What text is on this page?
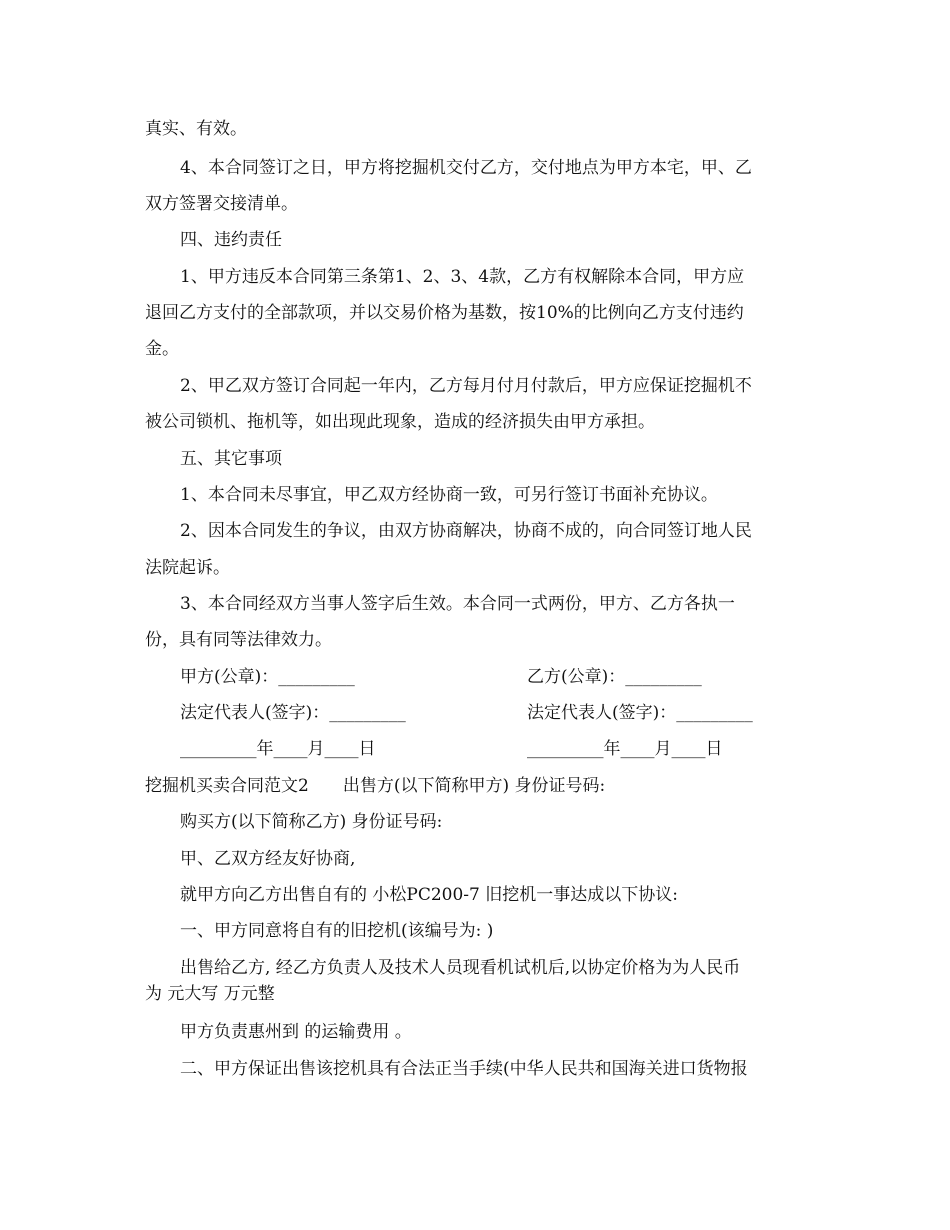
真实、有效。

4、本合同签订之日，甲方将挖掘机交付乙方，交付地点为甲方本宅，甲、乙

双方签署交接清单。

四、违约责任

1、甲方违反本合同第三条第1、2、3、4款，乙方有权解除本合同，甲方应

退回乙方支付的全部款项，并以交易价格为基数，按10%的比例向乙方支付违约

金。

2、甲乙双方签订合同起一年内，乙方每月付月付款后，甲方应保证挖掘机不

被公司锁机、拖机等，如出现此现象，造成的经济损失由甲方承担。

五、其它事项

1、本合同未尽事宜，甲乙双方经协商一致，可另行签订书面补充协议。

2、因本合同发生的争议，由双方协商解决，协商不成的，向合同签订地人民

法院起诉。

3、本合同经双方当事人签字后生效。本合同一式两份，甲方、乙方各执一

份，具有同等法律效力。

甲方(公章)：_________	乙方(公章)：_________

法定代表人(签字)：_________	法定代表人(签字)：_________

_________年____月____日	_________年____月____日

挖掘机买卖合同范文2　　出售方(以下简称甲方) 身份证号码:

购买方(以下简称乙方) 身份证号码:

甲、乙双方经友好协商,

就甲方向乙方出售自有的 小松PC200-7 旧挖机一事达成以下协议:

一、甲方同意将自有的旧挖机(该编号为: )

出售给乙方, 经乙方负责人及技术人员现看机试机后,以协定价格为为人民币

为 元大写 万元整

甲方负责惠州到 的运输费用 。

二、甲方保证出售该挖机具有合法正当手续(中华人民共和国海关进口货物报
